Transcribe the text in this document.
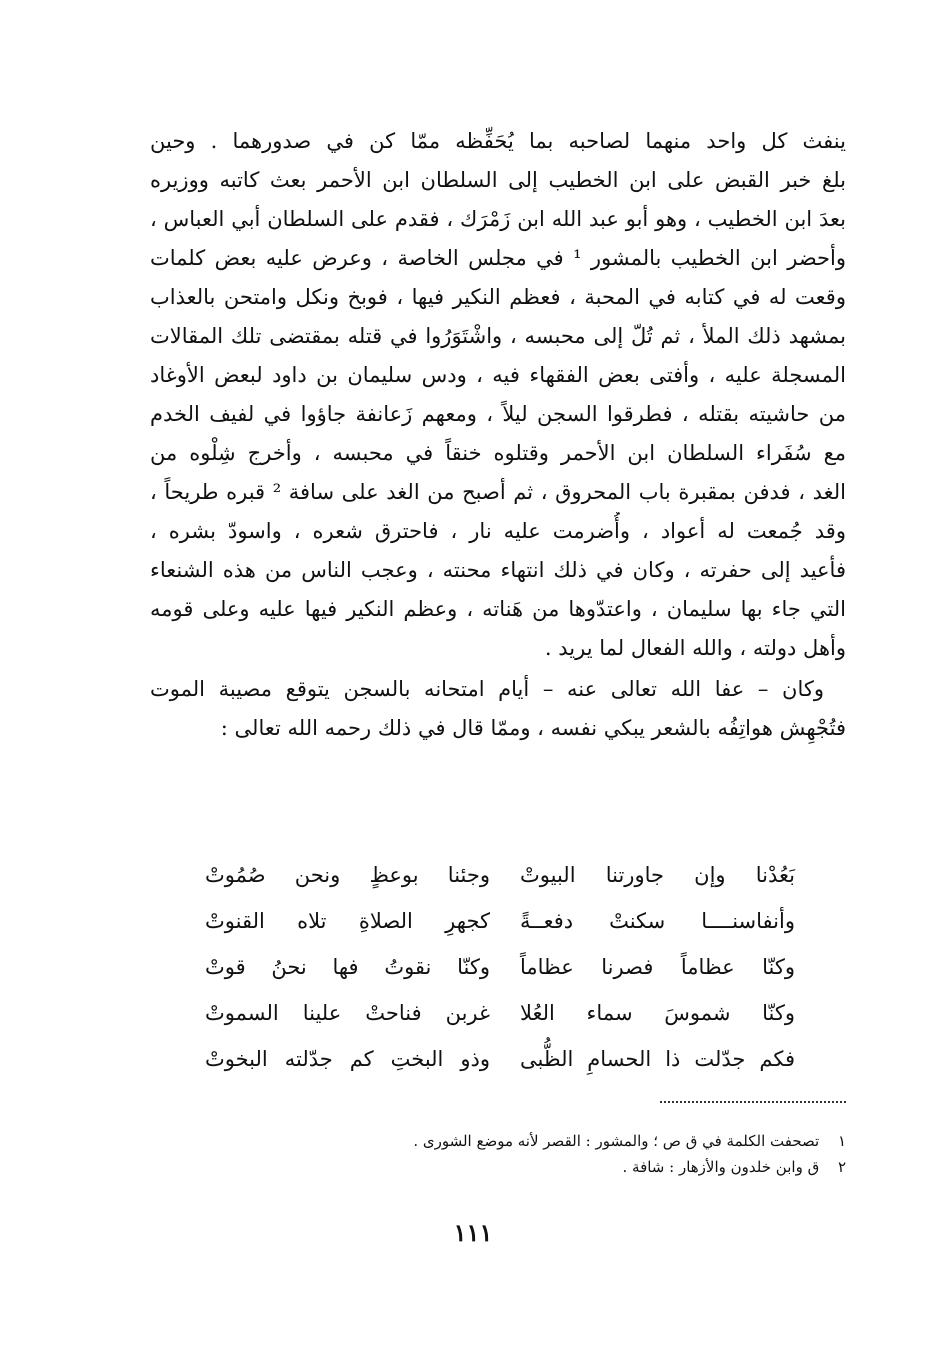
ينفث كل واحد منهما لصاحبه بما يُحَفِّظه ممّا كن في صدورهما . وحين
بلغ خبر القبض على ابن الخطيب إلى السلطان ابن الأحمر بعث كاتبه ووزيره
بعدَ ابن الخطيب ، وهو أبو عبد الله ابن زَمْرَك ، فقدم على السلطان أبي العباس ،
وأحضر ابن الخطيب بالمشور ¹ في مجلس الخاصة ، وعرض عليه بعض كلمات
وقعت له في كتابه في المحبة ، فعظم النكير فيها ، فوبخ ونكل وامتحن بالعذاب
بمشهد ذلك الملأ ، ثم تُلّ إلى محبسه ، واشْتَوَرُوا في قتله بمقتضى تلك المقالات
المسجلة عليه ، وأفتى بعض الفقهاء فيه ، ودس سليمان بن داود لبعض الأوغاد
من حاشيته بقتله ، فطرقوا السجن ليلاً ، ومعهم زَعانفة جاؤوا في لفيف الخدم
مع سُفَراء السلطان ابن الأحمر وقتلوه خنقاً في محبسه ، وأخرج شِلْوه من
الغد ، فدفن بمقبرة باب المحروق ، ثم أصبح من الغد على سافة ² قبره طريحاً ،
وقد جُمعت له أعواد ، وأُضرمت عليه نار ، فاحترق شعره ، واسودّ بشره ،
فأعيد إلى حفرته ، وكان في ذلك انتهاء محنته ، وعجب الناس من هذه الشنعاء
التي جاء بها سليمان ، واعتدّوها من هَناته ، وعظم النكير فيها عليه وعلى قومه
وأهل دولته ، والله الفعال لما يريد .
وكان – عفا الله تعالى عنه – أيام امتحانه بالسجن يتوقع مصيبة الموت
فتُجْهِش هواتِفُه بالشعر يبكي نفسه ، وممّا قال في ذلك رحمه الله تعالى :
بَعُدْنا وإن جاورتنا البيوتْ
وجئنا بوعظٍ ونحن صُمُوتْ
وأنفاسنــــا سكنتْ دفعــةً
كجهرِ الصلاةِ تلاه القنوتْ
وكنّا عظاماً فصرنا عظاماً
وكنّا نقوتُ فها نحنُ قوتْ
وكنّا شموسَ سماء العُلا
غربن فناحتْ علينا السموتْ
فكم جدّلت ذا الحسامِ الظُّبى
وذو البختِ كم جدّلته البخوتْ
١ تصحفت الكلمة في ق ص ؛ والمشور : القصر لأنه موضع الشورى .
٢ ق وابن خلدون والأزهار : شافة .
١١١
